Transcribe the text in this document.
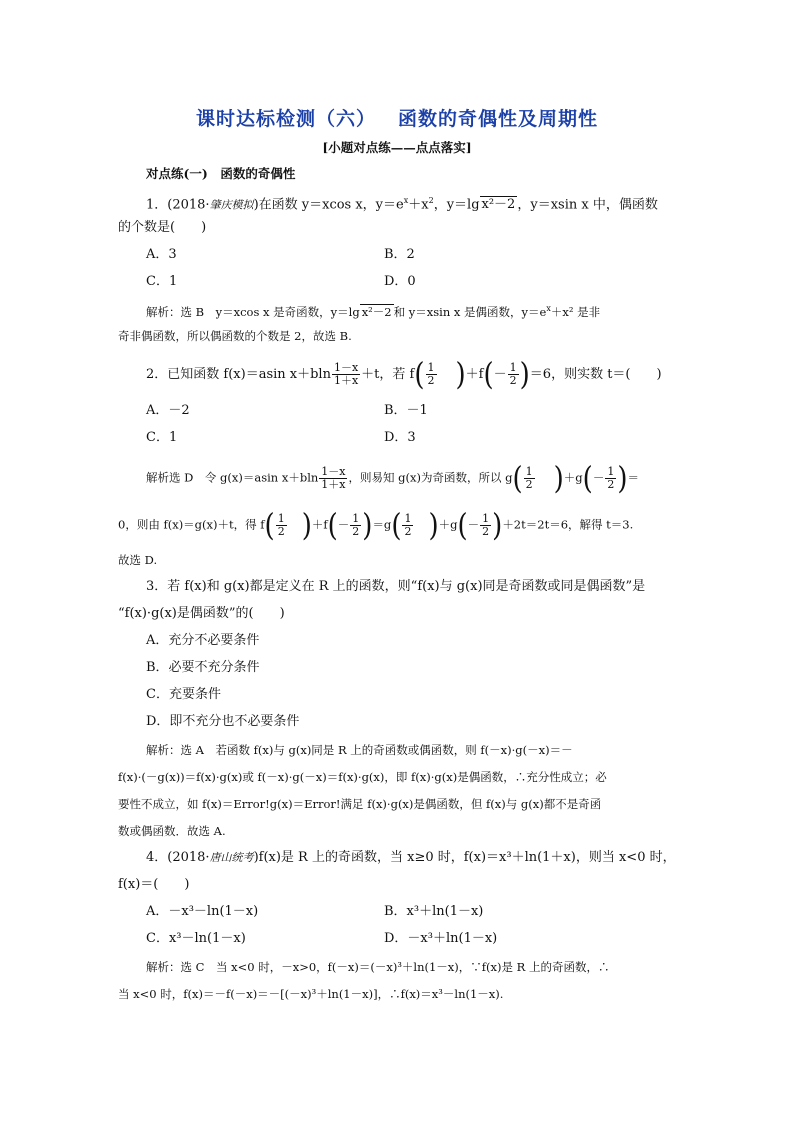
课时达标检测（六） 函数的奇偶性及周期性
[小题对点练——点点落实]
对点练(一)　函数的奇偶性
1．(2018·肇庆模拟)在函数 y＝xcos x，$y=e^x+x^2$，y＝lg x²－2 ，y＝xsin x 中，偶函数
的个数是(　　)
A．3	B．2
C．1	D．0
解析：选 B　y＝xcos x 是奇函数，y＝lg x²－2 和 y＝xsin x 是偶函数，$y=e^x+x^2$ 是非
奇非偶函数，所以偶函数的个数是 2，故选 B.
2．已知函数 f(x)＝asin $x+bln \frac{1-x}{1+x} +t$，若 $f( \frac{1}{2} )+f(- \frac{1}{2} )=6$，则实数 t＝(　　)
A．－2	B．－1
C．1	D．3
解析选 D　令 g(x)＝asin $x+bln \frac{1-x}{1+x}$ ，则易知 g(x)为奇函数，所以 $g( \frac{1}{2} )+g(- \frac{1}{2}$ )＝
0，则由 f(x)＝g(x)＋t，得 $f( \frac{1}{2} )+f(- \frac{1}{2} )=g( \frac{1}{2} )+g(- \frac{1}{2} )+2t=2t=6$，解得 t＝3.
故选 D.
3．若 f(x)和 g(x)都是定义在 R 上的函数，则“f(x)与 g(x)同是奇函数或同是偶函数”是
“f(x)·g(x)是偶函数”的(　　)
A．充分不必要条件
B．必要不充分条件
C．充要条件
D．即不充分也不必要条件
解析：选 A　若函数 f(x)与 g(x)同是 R 上的奇函数或偶函数，则 f(－x)·g(－x)＝－
f(x)·(－g(x))＝f(x)·g(x)或 f(－x)·g(－x)＝f(x)·g(x)，即 f(x)·g(x)是偶函数，∴充分性成立；必
要性不成立，如 f(x)＝Error!g(x)＝Error!满足 f(x)·g(x)是偶函数，但 f(x)与 g(x)都不是奇函
数或偶函数．故选 A.
4．(2018·唐山统考)f(x)是 R 上的奇函数，当 x≥0 时，f(x)＝x³＋ln(1＋x)，则当 x<0 时，
f(x)＝(　　)
A．－x³－ln(1－x)	B．x³＋ln(1－x)
C．x³－ln(1－x)	D．－x³＋ln(1－x)
解析：选 C　当 x<0 时，－x>0，f(－x)＝(－x)³＋ln(1－x)，∵f(x)是 R 上的奇函数，∴
当 x<0 时，f(x)＝－f(－x)＝－[(－x)³＋ln(1－x)]，∴f(x)＝x³－ln(1－x).
